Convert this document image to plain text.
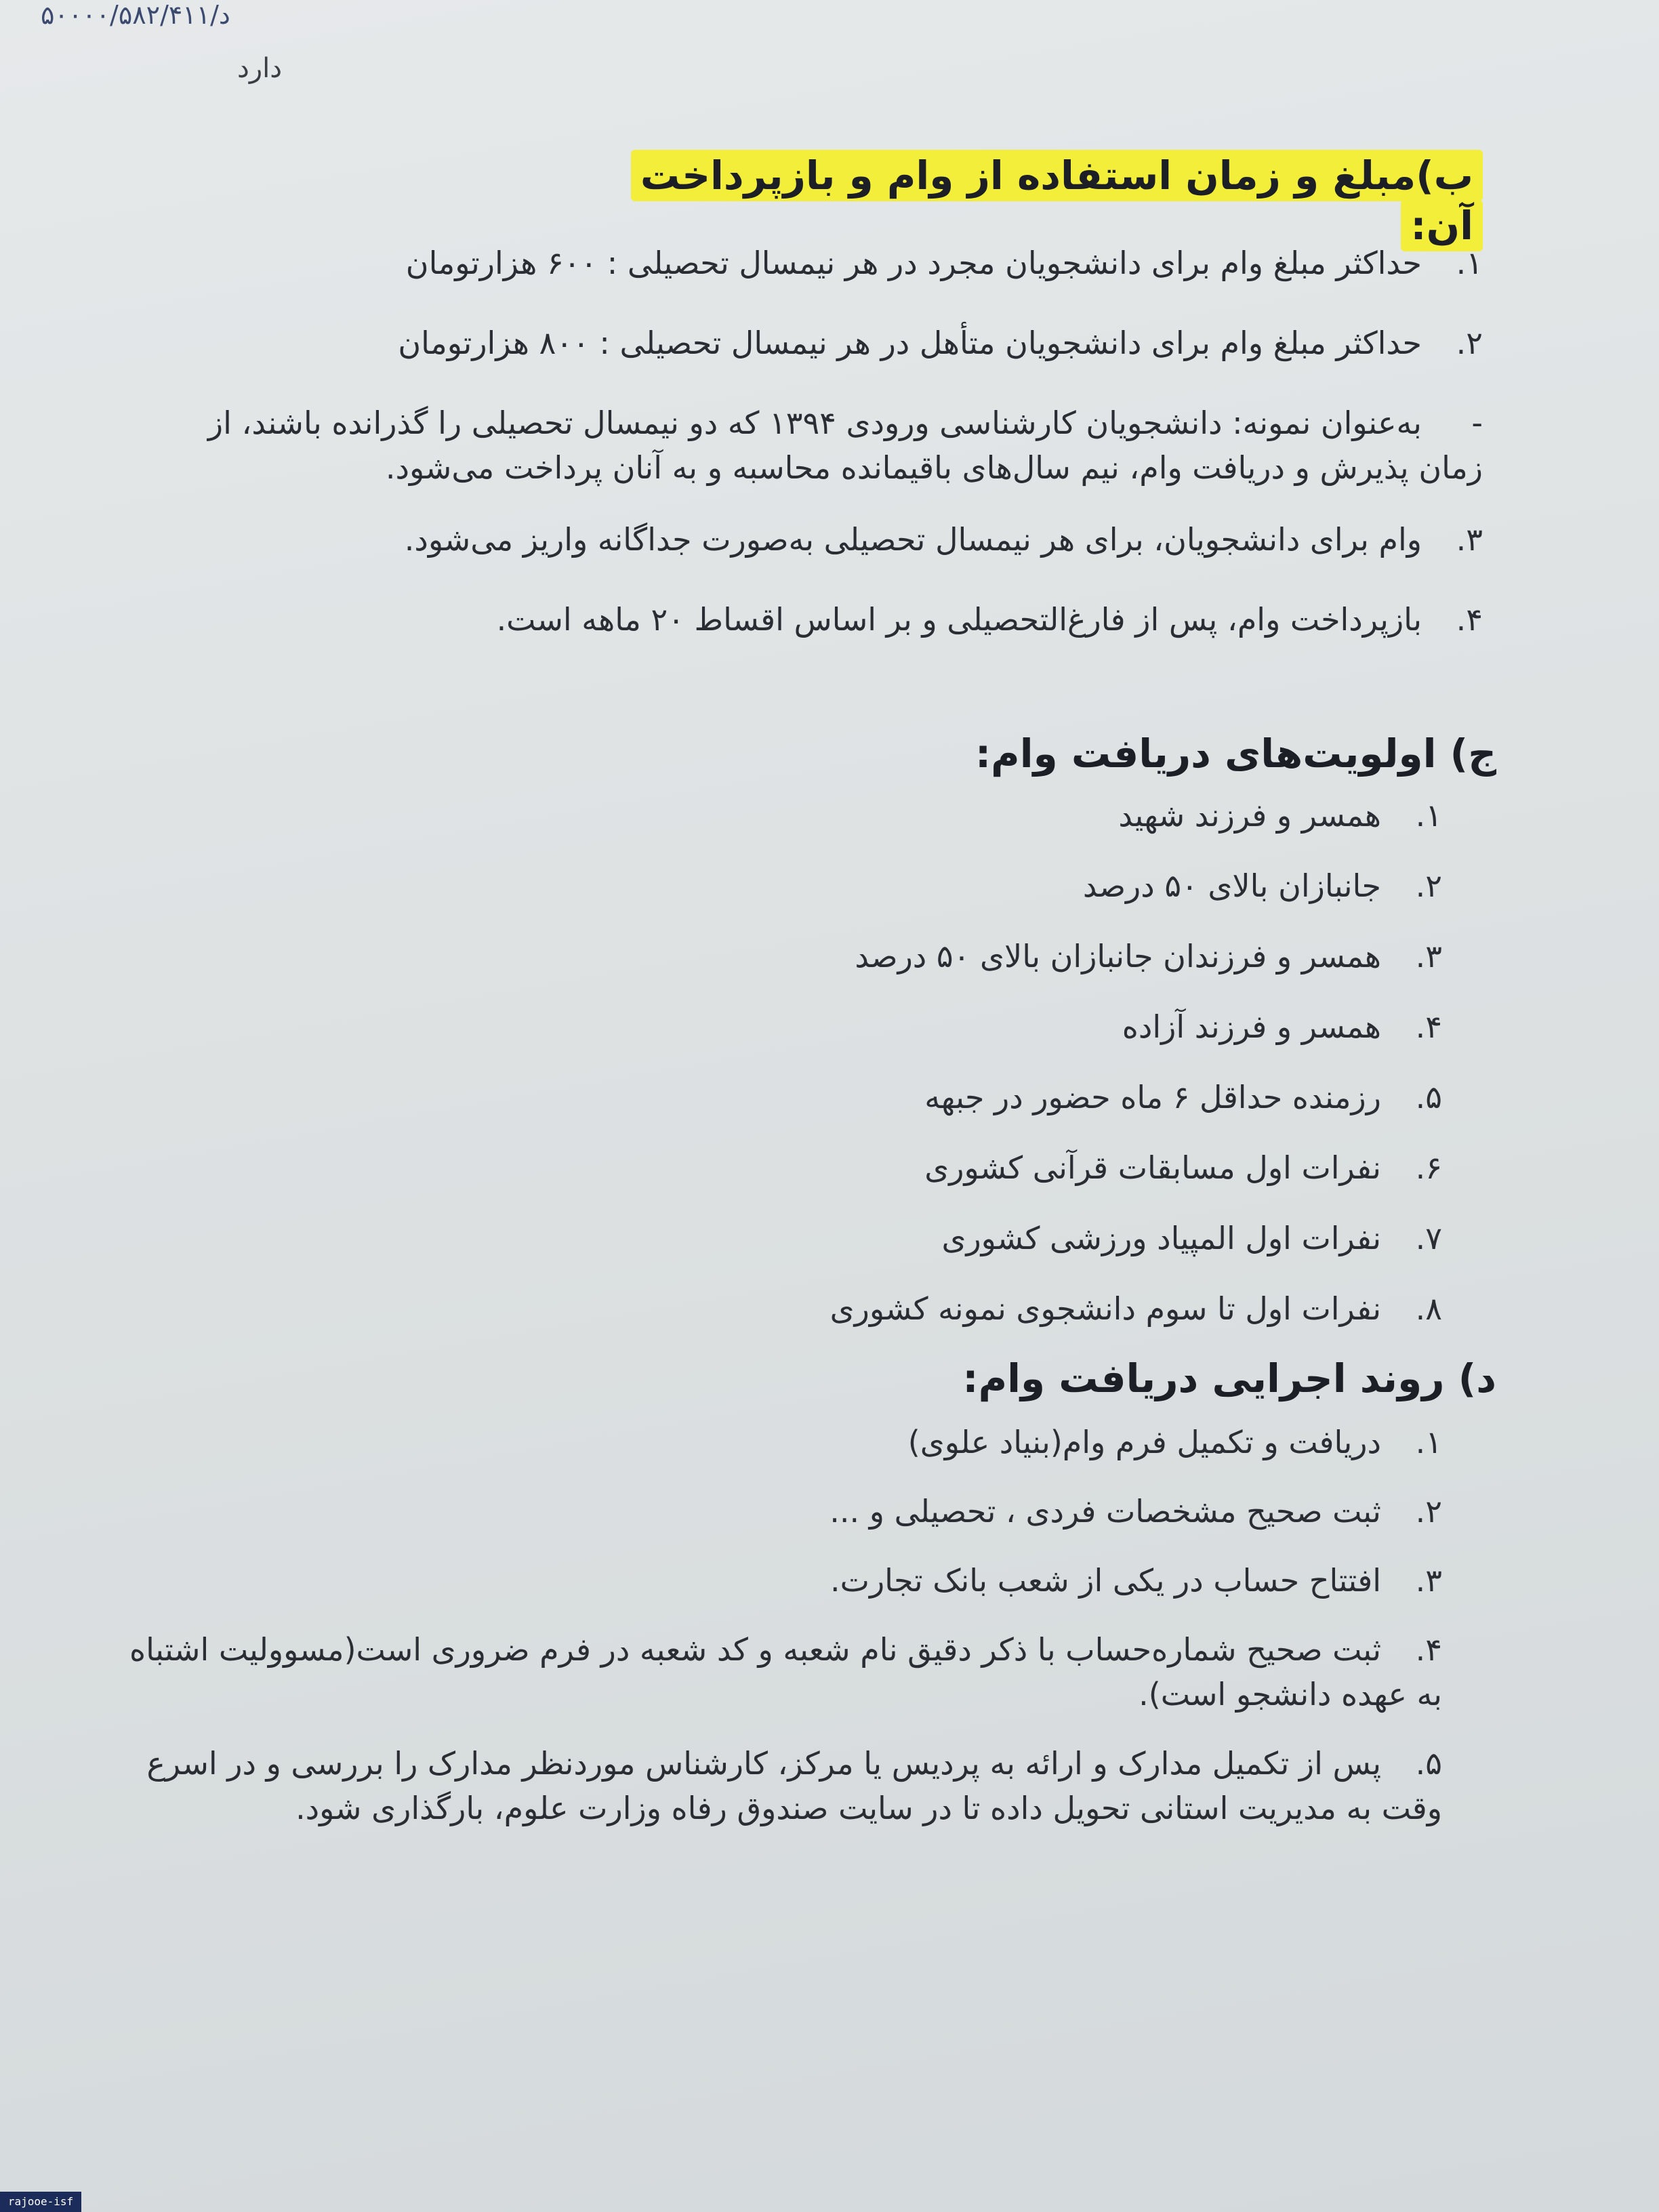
۵۰۰۰۰/۵۸۲/۴۱۱/د
دارد
ب)مبلغ و زمان استفاده از وام و بازپرداخت
آن:
۱.حداکثر مبلغ وام برای دانشجویان مجرد در هر نیمسال تحصیلی : ۶۰۰ هزارتومان
۲.حداکثر مبلغ وام برای دانشجویان متأهل در هر نیمسال تحصیلی : ۸۰۰ هزارتومان
-به‌عنوان نمونه: دانشجویان کارشناسی ورودی ۱۳۹۴ که دو نیمسال تحصیلی را گذرانده باشند، از زمان پذیرش و دریافت وام، نیم سال‌های باقیمانده محاسبه و به آنان پرداخت می‌شود.
۳.وام برای دانشجویان، برای هر نیمسال تحصیلی به‌صورت جداگانه واریز می‌شود.
۴.بازپرداخت وام، پس از فارغ‌التحصیلی و بر اساس اقساط ۲۰ ماهه است.
ج) اولویت‌های دریافت وام:
۱.همسر و فرزند شهید
۲.جانبازان بالای ۵۰ درصد
۳.همسر و فرزندان جانبازان بالای ۵۰ درصد
۴.همسر و فرزند آزاده
۵.رزمنده حداقل ۶ ماه حضور در جبهه
۶.نفرات اول مسابقات قرآنی کشوری
۷.نفرات اول المپیاد ورزشی کشوری
۸.نفرات اول تا سوم دانشجوی نمونه کشوری
د) روند اجرایی دریافت وام:
۱.دریافت و تکمیل فرم وام(بنیاد علوی)
۲.ثبت صحیح مشخصات فردی ، تحصیلی و ...
۳.افتتاح حساب در یکی از شعب بانک تجارت.
۴.ثبت صحیح شماره‌حساب با ذکر دقیق نام شعبه و کد شعبه در فرم ضروری است(مسوولیت اشتباه به عهده دانشجو است).
۵.پس از تکمیل مدارک و ارائه به پردیس یا مرکز، کارشناس موردنظر مدارک را بررسی و در اسرع وقت به مدیریت استانی تحویل داده تا در سایت صندوق رفاه وزارت علوم، بارگذاری شود.
rajooe-isf
